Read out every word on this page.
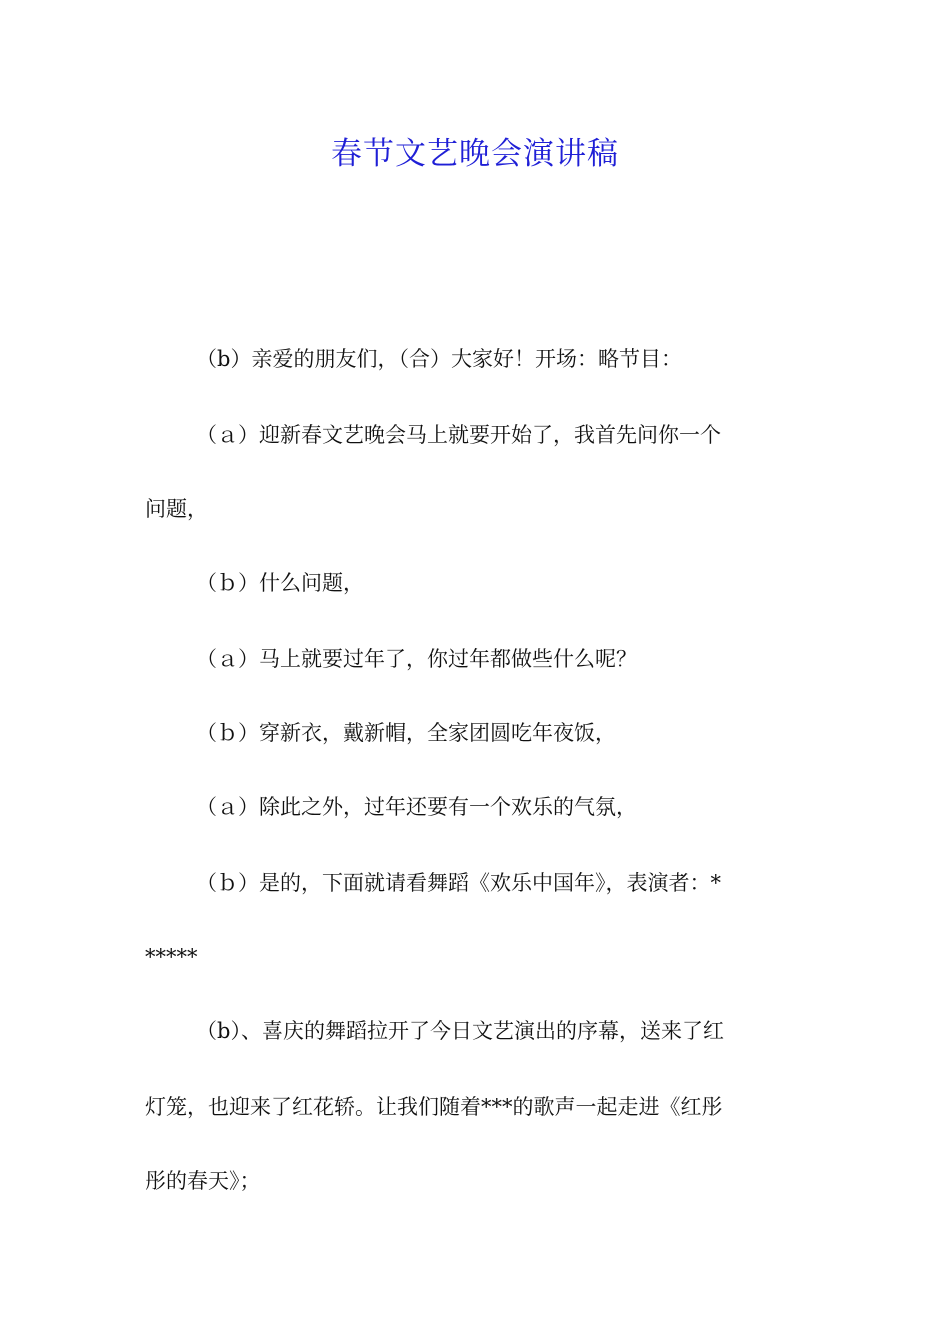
春节文艺晚会演讲稿
（b）亲爱的朋友们，（合）大家好！开场：略节目：
（ａ）迎新春文艺晚会马上就要开始了，我首先问你一个
问题，
（ｂ）什么问题，
（ａ）马上就要过年了，你过年都做些什么呢？
（ｂ）穿新衣，戴新帽，全家团圆吃年夜饭，
（ａ）除此之外，过年还要有一个欢乐的气氛，
（ｂ）是的，下面就请看舞蹈《欢乐中国年》，表演者：*
*****
（b）、喜庆的舞蹈拉开了今日文艺演出的序幕，送来了红
灯笼，也迎来了红花轿。让我们随着***的歌声一起走进《红彤
彤的春天》；
